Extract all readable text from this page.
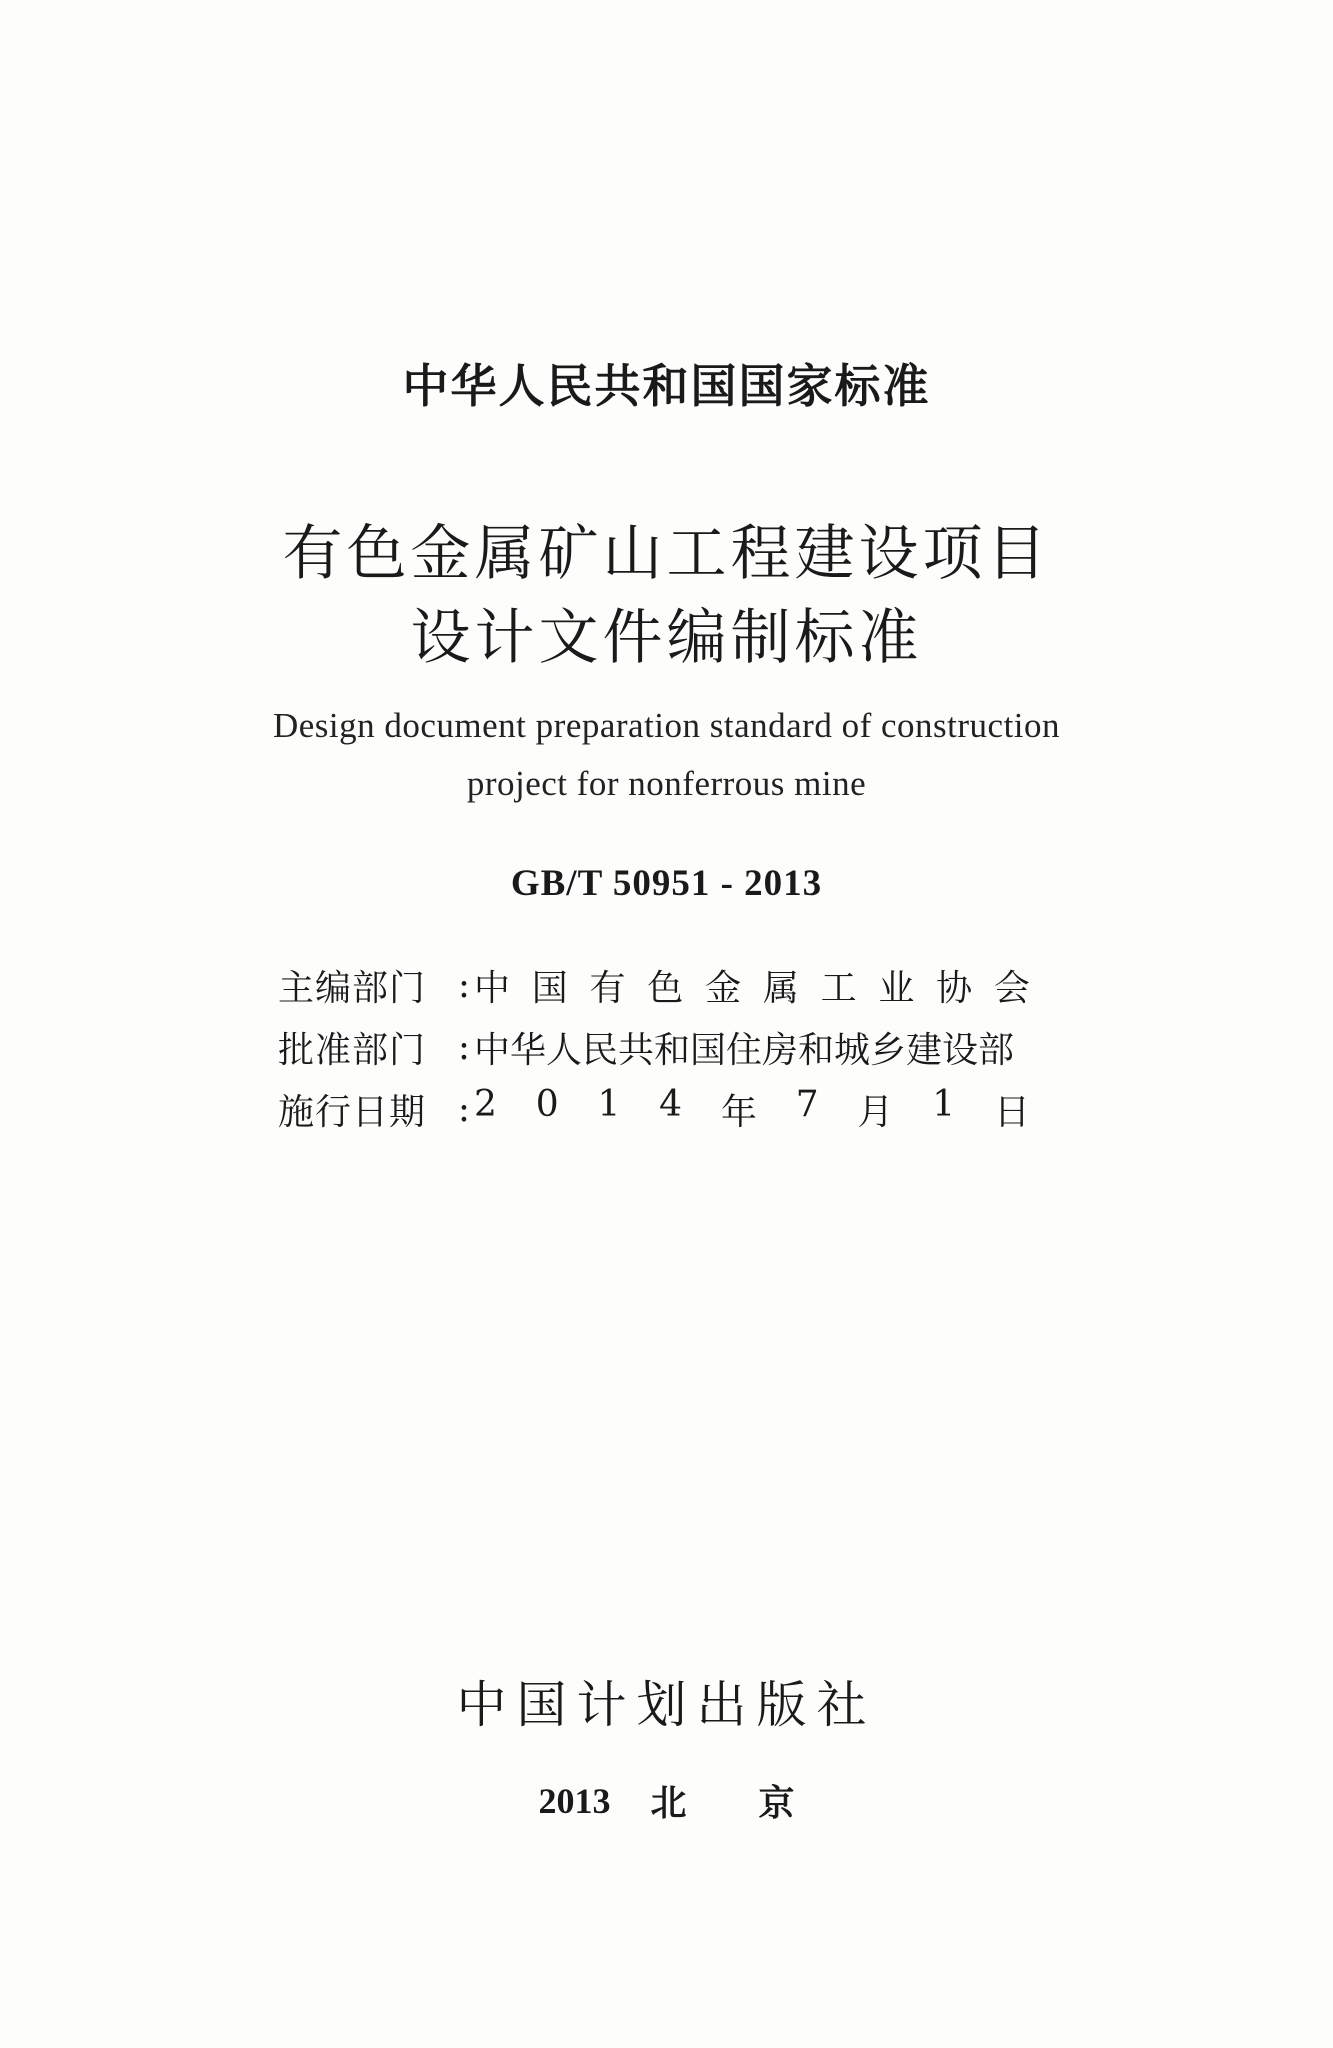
中华人民共和国国家标准
有色金属矿山工程建设项目
设计文件编制标准
Design document preparation standard of construction
project for nonferrous mine
GB/T 50951 - 2013
主编部门 : 中 国 有 色 金 属 工 业 协 会
批准部门 : 中华人民共和国住房和城乡建设部
施行日期 : 2 0 1 4 年 7 月 1 日
中国计划出版社
2013 北京
